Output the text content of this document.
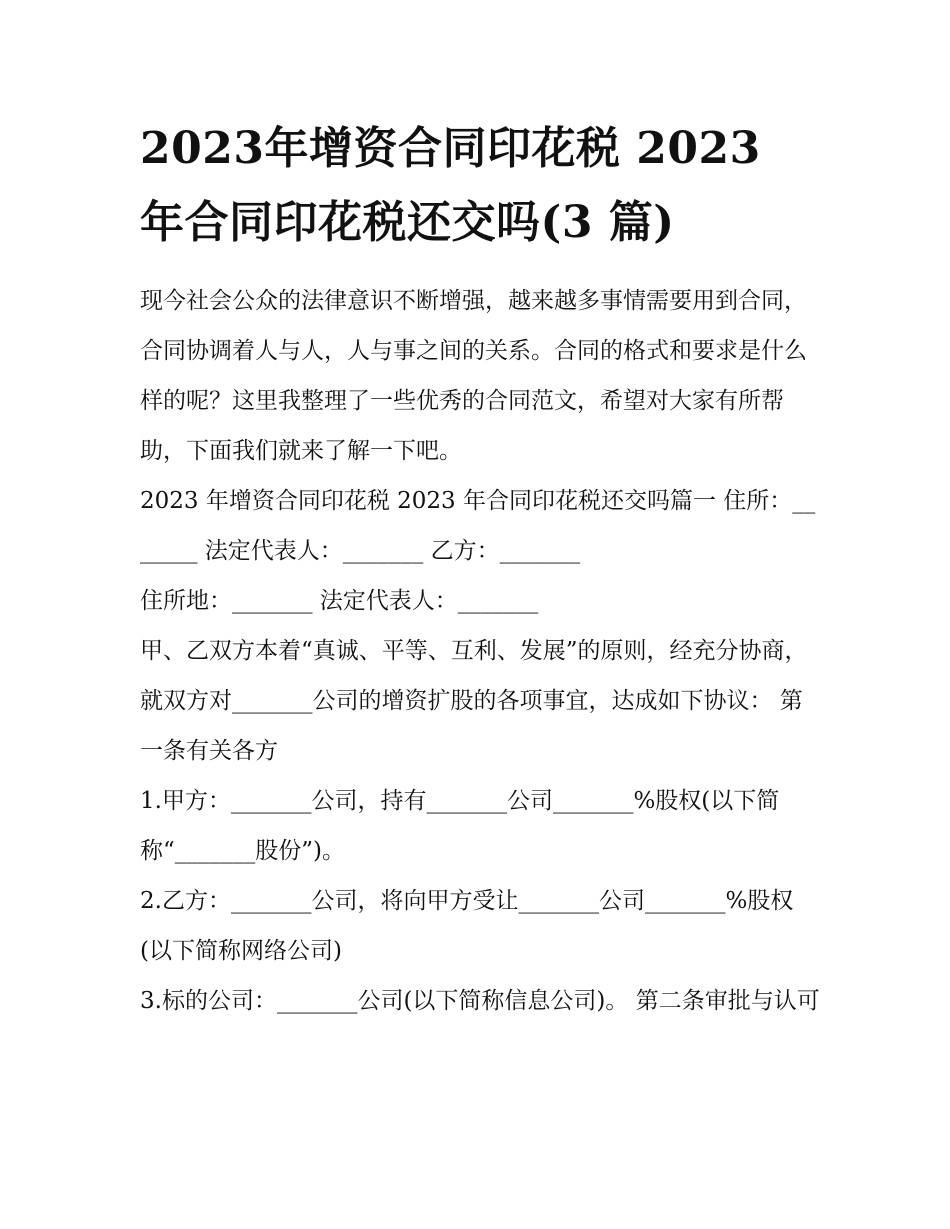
2023年增资合同印花税 2023 年合同印花税还交吗(3 篇)

现今社会公众的法律意识不断增强，越来越多事情需要用到合同，合同协调着人与人，人与事之间的关系。合同的格式和要求是什么样的呢？这里我整理了一些优秀的合同范文，希望对大家有所帮助，下面我们就来了解一下吧。

2023 年增资合同印花税 2023 年合同印花税还交吗篇一 住所：_______ 法定代表人：_______ 乙方：_______

住所地：_______ 法定代表人：_______

甲、乙双方本着“真诚、平等、互利、发展”的原则，经充分协商，就双方对_______公司的增资扩股的各项事宜，达成如下协议： 第一条有关各方

1.甲方：_______公司，持有_______公司_______%股权(以下简称“_______股份”)。

2.乙方：_______公司，将向甲方受让_______公司_______%股权(以下简称网络公司)

3.标的公司：_______公司(以下简称信息公司)。 第二条审批与认可
